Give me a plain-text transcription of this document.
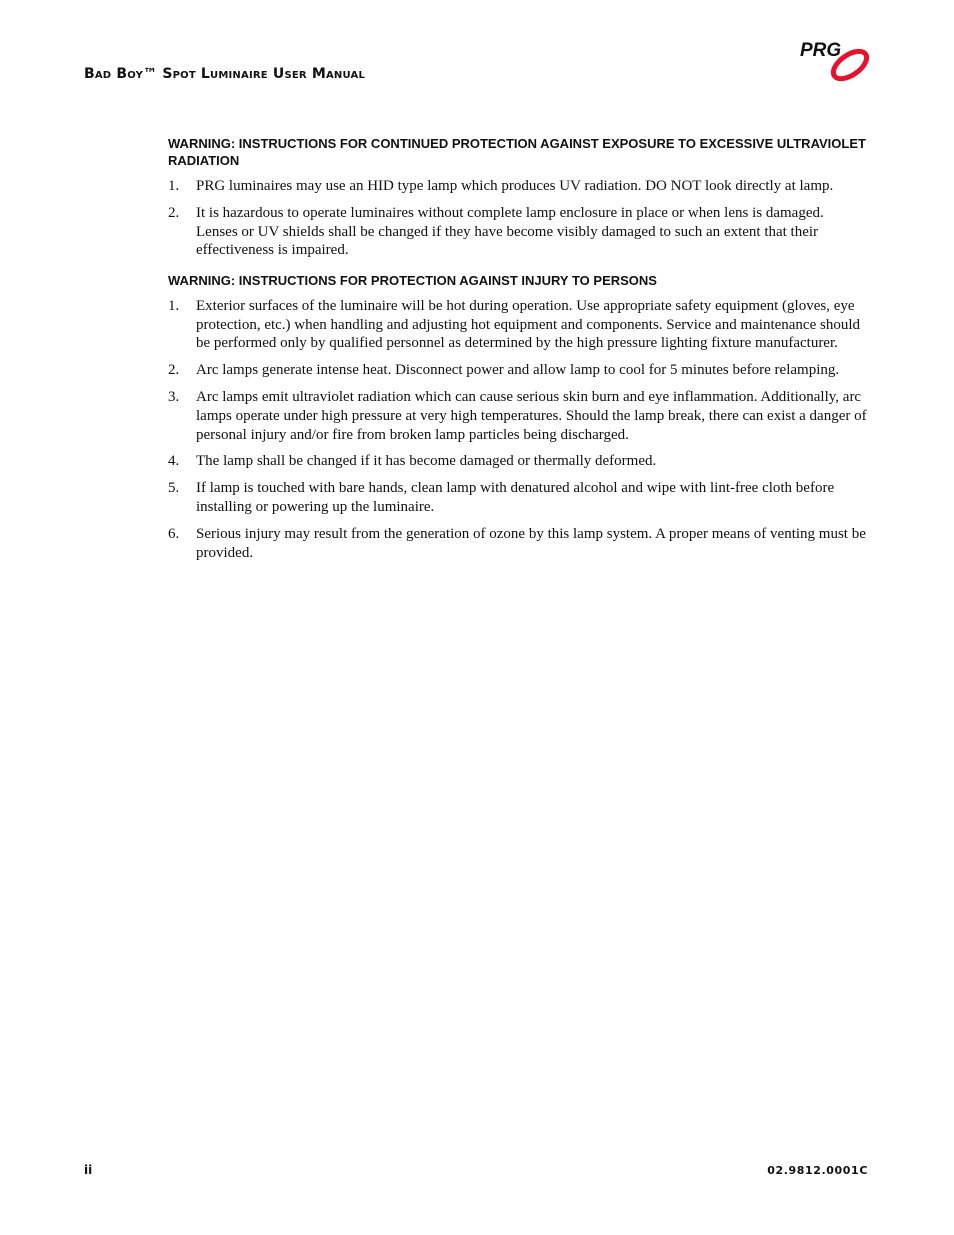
Bad Boy™ Spot Luminaire User Manual
PRG
WARNING: INSTRUCTIONS FOR CONTINUED PROTECTION AGAINST EXPOSURE TO EXCESSIVE ULTRAVIOLET RADIATION
1. PRG luminaires may use an HID type lamp which produces UV radiation. DO NOT look directly at lamp.
2. It is hazardous to operate luminaires without complete lamp enclosure in place or when lens is damaged. Lenses or UV shields shall be changed if they have become visibly damaged to such an extent that their effectiveness is impaired.
WARNING: INSTRUCTIONS FOR PROTECTION AGAINST INJURY TO PERSONS
1. Exterior surfaces of the luminaire will be hot during operation. Use appropriate safety equipment (gloves, eye protection, etc.) when handling and adjusting hot equipment and components. Service and maintenance should be performed only by qualified personnel as determined by the high pressure lighting fixture manufacturer.
2. Arc lamps generate intense heat. Disconnect power and allow lamp to cool for 5 minutes before relamping.
3. Arc lamps emit ultraviolet radiation which can cause serious skin burn and eye inflammation. Additionally, arc lamps operate under high pressure at very high temperatures. Should the lamp break, there can exist a danger of personal injury and/or fire from broken lamp particles being discharged.
4. The lamp shall be changed if it has become damaged or thermally deformed.
5. If lamp is touched with bare hands, clean lamp with denatured alcohol and wipe with lint-free cloth before installing or powering up the luminaire.
6. Serious injury may result from the generation of ozone by this lamp system. A proper means of venting must be provided.
ii	02.9812.0001C
